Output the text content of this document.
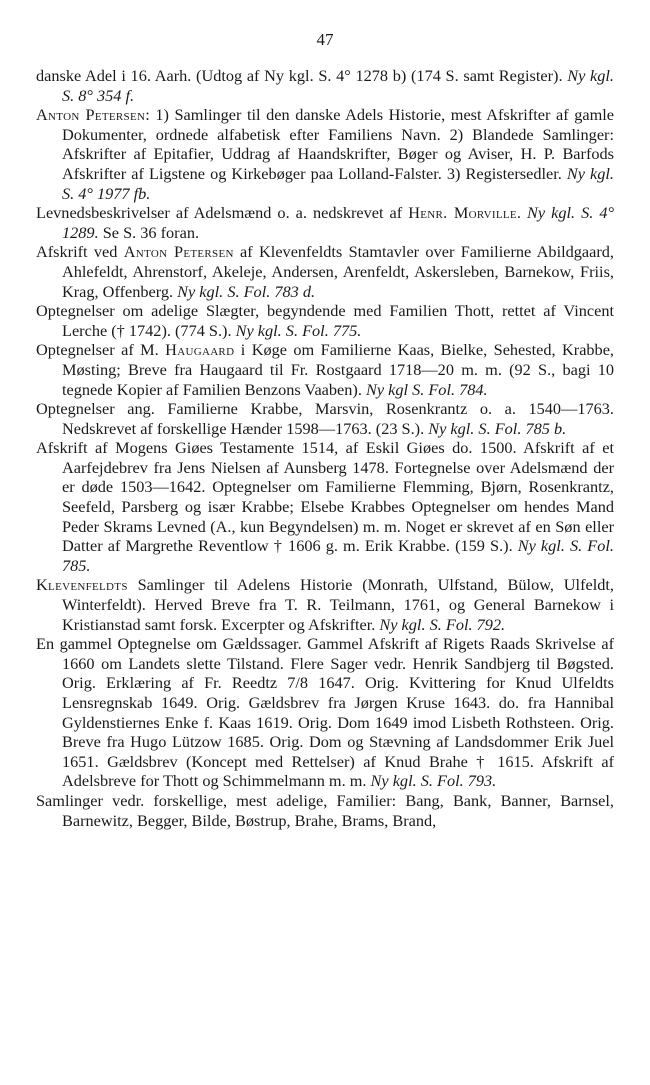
47

danske Adel i 16. Aarh. (Udtog af Ny kgl. S. 4° 1278 b) (174 S. samt Register). Ny kgl. S. 8° 354 f.

Anton Petersen: 1) Samlinger til den danske Adels Historie, mest Afskrifter af gamle Dokumenter, ordnede alfabetisk efter Familiens Navn. 2) Blandede Samlinger: Afskrifter af Epitafier, Uddrag af Haandskrifter, Bøger og Aviser, H. P. Barfods Afskrifter af Ligstene og Kirkebøger paa Lolland-Falster. 3) Registersedler. Ny kgl. S. 4° 1977 fb.

Levnedsbeskrivelser af Adelsmænd o. a. nedskrevet af Henr. Morville. Ny kgl. S. 4° 1289. Se S. 36 foran.

Afskrift ved Anton Petersen af Klevenfeldts Stamtavler over Familierne Abildgaard, Ahlefeldt, Ahrenstorf, Akeleje, Andersen, Arenfeldt, Askersleben, Barnekow, Friis, Krag, Offenberg. Ny kgl. S. Fol. 783 d.

Optegnelser om adelige Slægter, begyndende med Familien Thott, rettet af Vincent Lerche († 1742). (774 S.). Ny kgl. S. Fol. 775.

Optegnelser af M. Haugaard i Køge om Familierne Kaas, Bielke, Sehested, Krabbe, Møsting; Breve fra Haugaard til Fr. Rostgaard 1718—20 m. m. (92 S., bagi 10 tegnede Kopier af Familien Benzons Vaaben). Ny kgl S. Fol. 784.

Optegnelser ang. Familierne Krabbe, Marsvin, Rosenkrantz o. a. 1540—1763. Nedskrevet af forskellige Hænder 1598—1763. (23 S.). Ny kgl. S. Fol. 785 b.

Afskrift af Mogens Giøes Testamente 1514, af Eskil Giøes do. 1500. Afskrift af et Aarfejdebrev fra Jens Nielsen af Aunsberg 1478. Fortegnelse over Adelsmænd der er døde 1503—1642. Optegnelser om Familierne Flemming, Bjørn, Rosenkrantz, Seefeld, Parsberg og især Krabbe; Elsebe Krabbes Optegnelser om hendes Mand Peder Skrams Levned (A., kun Begyndelsen) m. m. Noget er skrevet af en Søn eller Datter af Margrethe Reventlow † 1606 g. m. Erik Krabbe. (159 S.). Ny kgl. S. Fol. 785.

Klevenfeldts Samlinger til Adelens Historie (Monrath, Ulfstand, Bülow, Ulfeldt, Winterfeldt). Herved Breve fra T. R. Teilmann, 1761, og General Barnekow i Kristianstad samt forsk. Excerpter og Afskrifter. Ny kgl. S. Fol. 792.

En gammel Optegnelse om Gældssager. Gammel Afskrift af Rigets Raads Skrivelse af 1660 om Landets slette Tilstand. Flere Sager vedr. Henrik Sandbjerg til Bøgsted. Orig. Erklæring af Fr. Reedtz 7/8 1647. Orig. Kvittering for Knud Ulfeldts Lensregnskab 1649. Orig. Gældsbrev fra Jørgen Kruse 1643. do. fra Hannibal Gyldenstiernes Enke f. Kaas 1619. Orig. Dom 1649 imod Lisbeth Rothsteen. Orig. Breve fra Hugo Lützow 1685. Orig. Dom og Stævning af Landsdommer Erik Juel 1651. Gældsbrev (Koncept med Rettelser) af Knud Brahe † 1615. Afskrift af Adelsbreve for Thott og Schimmelmann m. m. Ny kgl. S. Fol. 793.

Samlinger vedr. forskellige, mest adelige, Familier: Bang, Bank, Banner, Barnsel, Barnewitz, Begger, Bilde, Bøstrup, Brahe, Brams, Brand,
